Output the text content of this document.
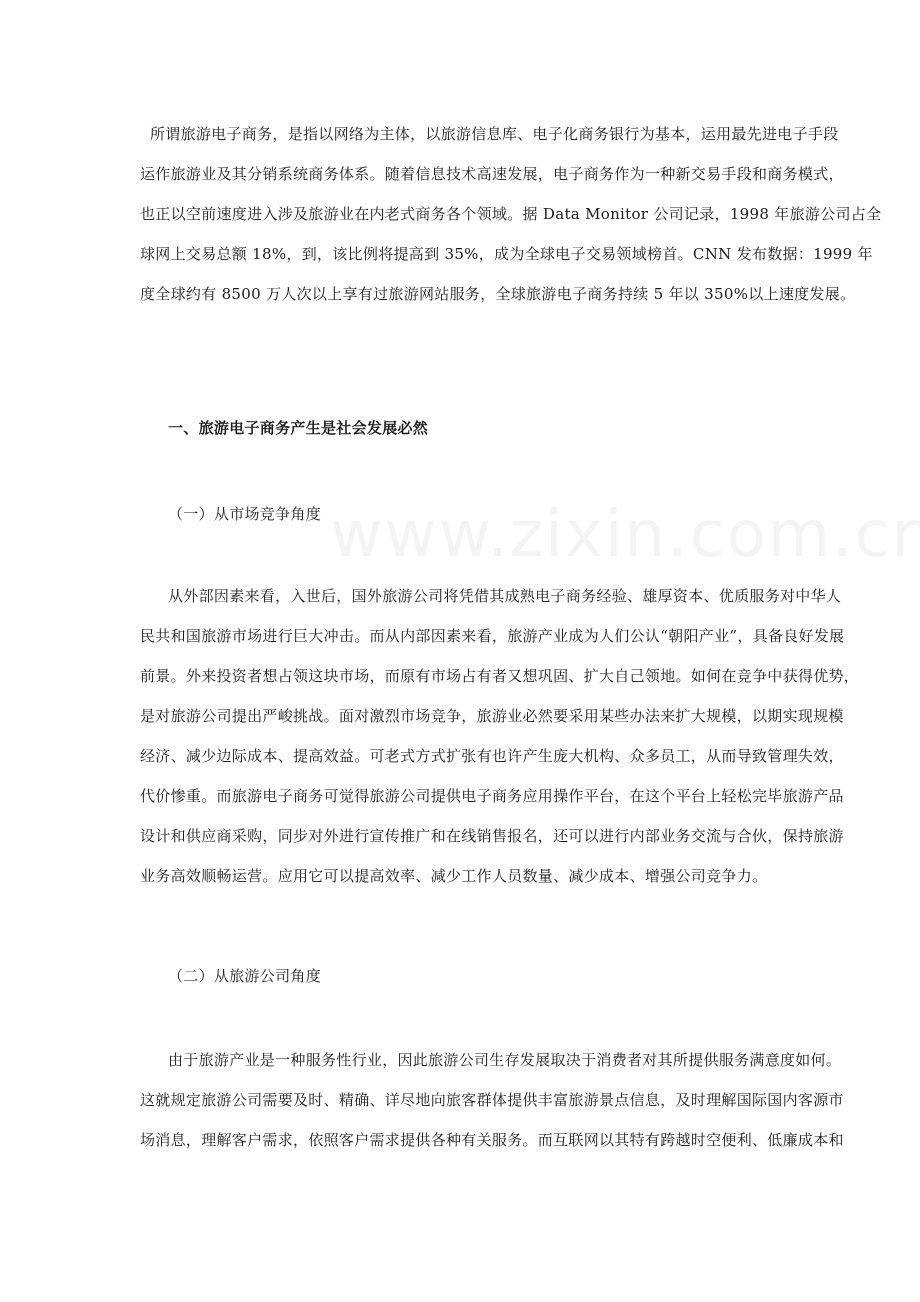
所谓旅游电子商务，是指以网络为主体，以旅游信息库、电子化商务银行为基本，运用最先进电子手段
运作旅游业及其分销系统商务体系。随着信息技术高速发展，电子商务作为一种新交易手段和商务模式，
也正以空前速度进入涉及旅游业在内老式商务各个领域。据 Data Monitor 公司记录，1998 年旅游公司占全
球网上交易总额 18%，到，该比例将提高到 35%，成为全球电子交易领域榜首。CNN 发布数据：1999 年
度全球约有 8500 万人次以上享有过旅游网站服务，全球旅游电子商务持续 5 年以 350%以上速度发展。
一、旅游电子商务产生是社会发展必然
（一）从市场竞争角度
从外部因素来看，入世后，国外旅游公司将凭借其成熟电子商务经验、雄厚资本、优质服务对中华人
民共和国旅游市场进行巨大冲击。而从内部因素来看，旅游产业成为人们公认“朝阳产业”，具备良好发展
前景。外来投资者想占领这块市场，而原有市场占有者又想巩固、扩大自己领地。如何在竞争中获得优势，
是对旅游公司提出严峻挑战。面对激烈市场竞争，旅游业必然要采用某些办法来扩大规模，以期实现规模
经济、减少边际成本、提高效益。可老式方式扩张有也许产生庞大机构、众多员工，从而导致管理失效，
代价惨重。而旅游电子商务可觉得旅游公司提供电子商务应用操作平台，在这个平台上轻松完毕旅游产品
设计和供应商采购，同步对外进行宣传推广和在线销售报名，还可以进行内部业务交流与合伙，保持旅游
业务高效顺畅运营。应用它可以提高效率、减少工作人员数量、减少成本、增强公司竞争力。
（二）从旅游公司角度
由于旅游产业是一种服务性行业，因此旅游公司生存发展取决于消费者对其所提供服务满意度如何。
这就规定旅游公司需要及时、精确、详尽地向旅客群体提供丰富旅游景点信息，及时理解国际国内客源市
场消息，理解客户需求，依照客户需求提供各种有关服务。而互联网以其特有跨越时空便利、低廉成本和
